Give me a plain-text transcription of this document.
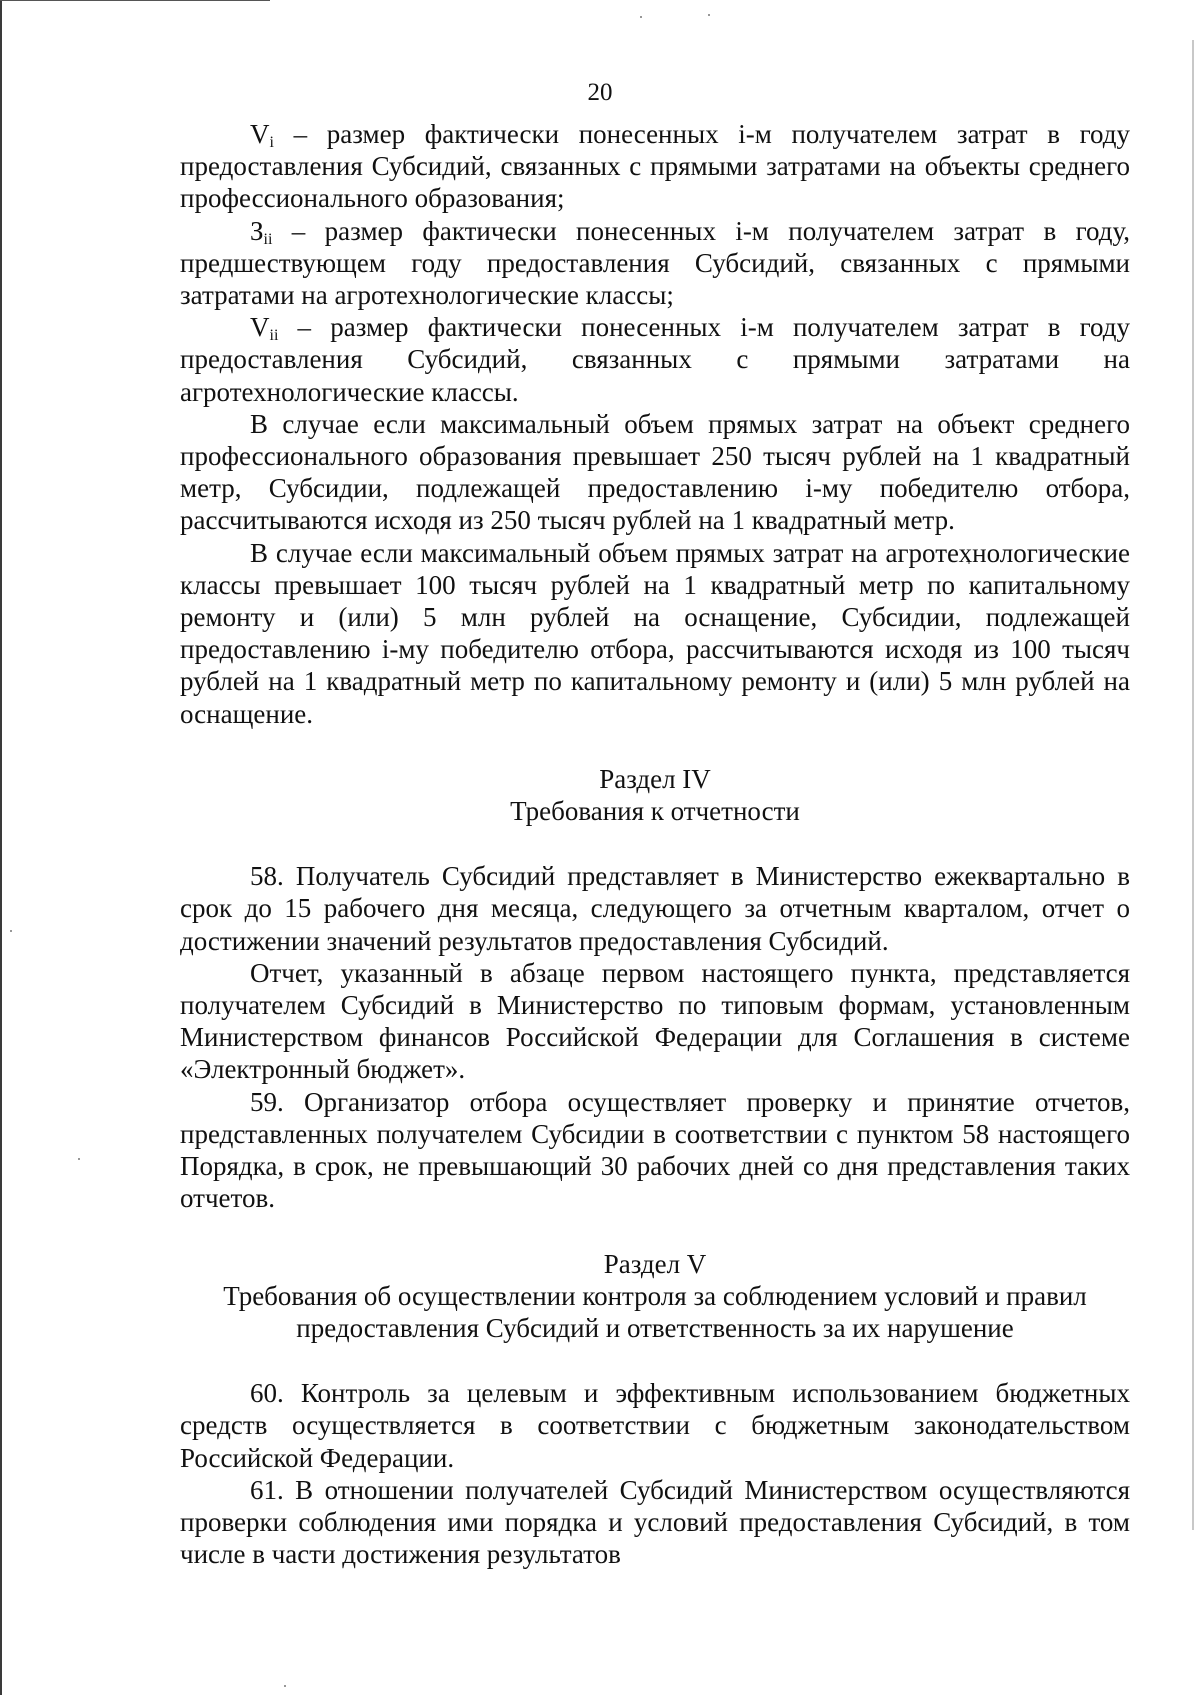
20

$V_i$ – размер фактически понесенных i-м получателем затрат в году предоставления Субсидий, связанных с прямыми затратами на объекты среднего профессионального образования;

$З_{ii}$ – размер фактически понесенных i-м получателем затрат в году, предшествующем году предоставления Субсидий, связанных с прямыми затратами на агротехнологические классы;

$V_{ii}$ – размер фактически понесенных i-м получателем затрат в году предоставления Субсидий, связанных с прямыми затратами на агротехнологические классы.

В случае если максимальный объем прямых затрат на объект среднего профессионального образования превышает 250 тысяч рублей на 1 квадратный метр, Субсидии, подлежащей предоставлению i-му победителю отбора, рассчитываются исходя из 250 тысяч рублей на 1 квадратный метр.

В случае если максимальный объем прямых затрат на агротехнологические классы превышает 100 тысяч рублей на 1 квадратный метр по капитальному ремонту и (или) 5 млн рублей на оснащение, Субсидии, подлежащей предоставлению i-му победителю отбора, рассчитываются исходя из 100 тысяч рублей на 1 квадратный метр по капитальному ремонту и (или) 5 млн рублей на оснащение.

Раздел IV

Требования к отчетности

58. Получатель Субсидий представляет в Министерство ежеквартально в срок до 15 рабочего дня месяца, следующего за отчетным кварталом, отчет о достижении значений результатов предоставления Субсидий.

Отчет, указанный в абзаце первом настоящего пункта, представляется получателем Субсидий в Министерство по типовым формам, установленным Министерством финансов Российской Федерации для Соглашения в системе «Электронный бюджет».

59. Организатор отбора осуществляет проверку и принятие отчетов, представленных получателем Субсидии в соответствии с пунктом 58 настоящего Порядка, в срок, не превышающий 30 рабочих дней со дня представления таких отчетов.

Раздел V

Требования об осуществлении контроля за соблюдением условий и правил

предоставления Субсидий и ответственность за их нарушение

60. Контроль за целевым и эффективным использованием бюджетных средств осуществляется в соответствии с бюджетным законодательством Российской Федерации.

61. В отношении получателей Субсидий Министерством осуществляются проверки соблюдения ими порядка и условий предоставления Субсидий, в том числе в части достижения результатов
